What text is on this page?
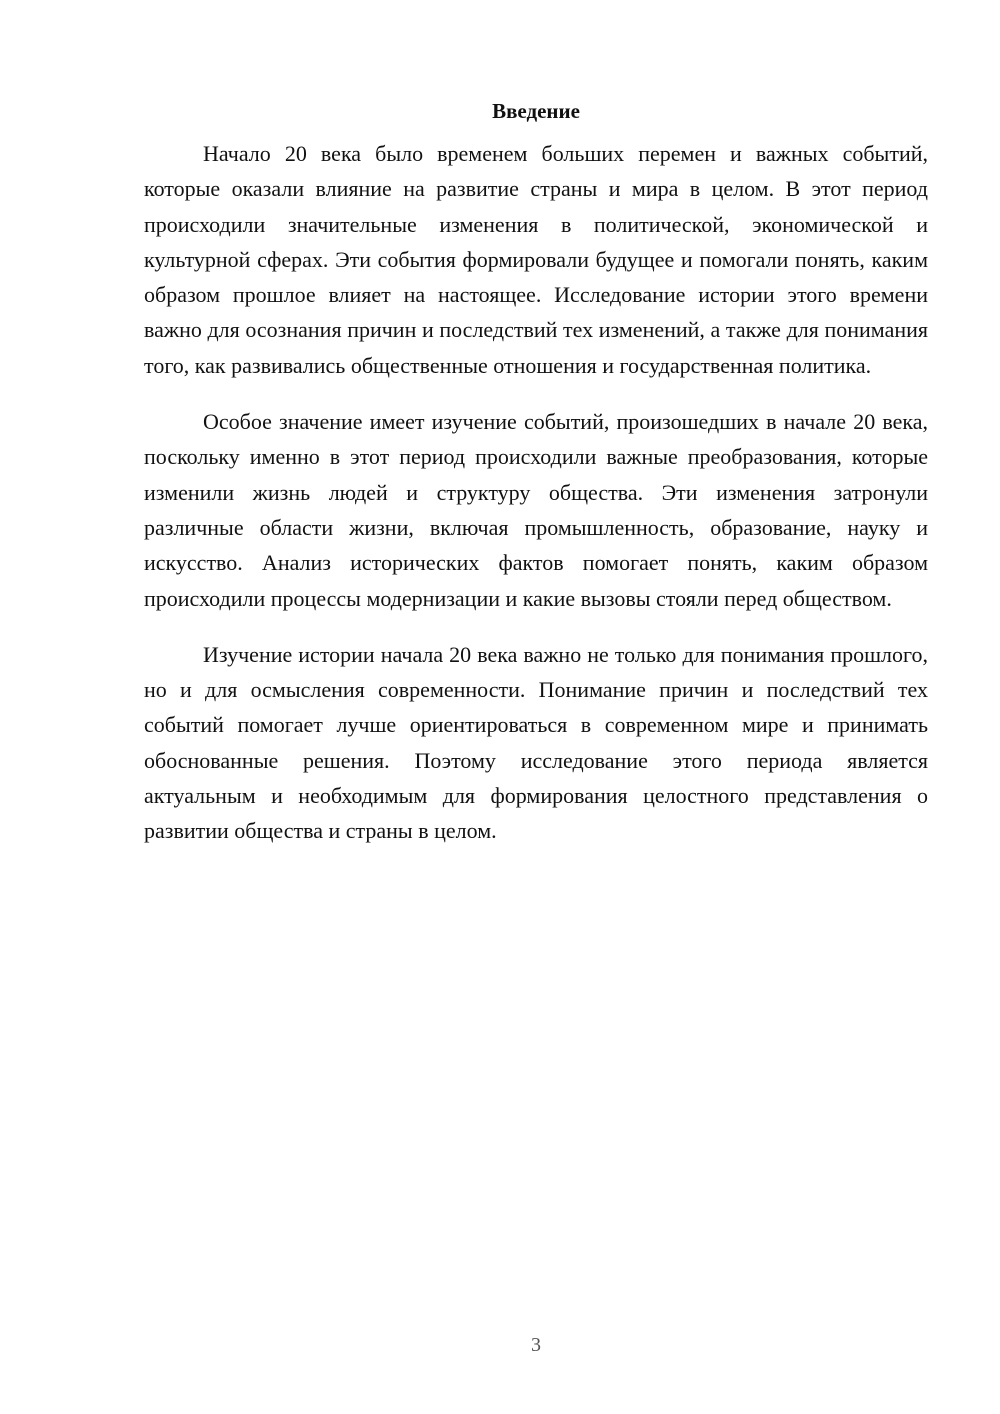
Введение

Начало 20 века было временем больших перемен и важных событий, которые оказали влияние на развитие страны и мира в целом. В этот период происходили значительные изменения в политической, экономической и культурной сферах. Эти события формировали будущее и помогали понять, каким образом прошлое влияет на настоящее. Исследование истории этого времени важно для осознания причин и последствий тех изменений, а также для понимания того, как развивались общественные отношения и государственная политика.

Особое значение имеет изучение событий, произошедших в начале 20 века, поскольку именно в этот период происходили важные преобразования, которые изменили жизнь людей и структуру общества. Эти изменения затронули различные области жизни, включая промышленность, образование, науку и искусство. Анализ исторических фактов помогает понять, каким образом происходили процессы модернизации и какие вызовы стояли перед обществом.

Изучение истории начала 20 века важно не только для понимания прошлого, но и для осмысления современности. Понимание причин и последствий тех событий помогает лучше ориентироваться в современном мире и принимать обоснованные решения. Поэтому исследование этого периода является актуальным и необходимым для формирования целостного представления о развитии общества и страны в целом.

3
